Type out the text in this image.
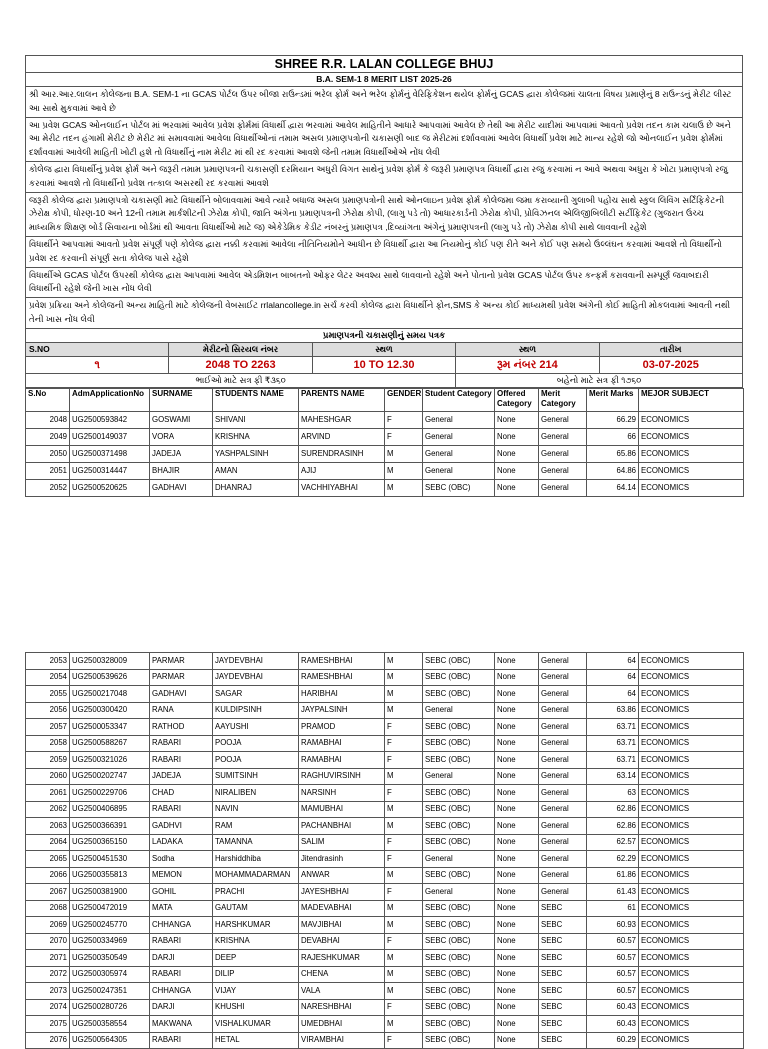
SHREE R.R. LALAN COLLEGE BHUJ				
B.A. SEM-1 8 MERIT LIST 2025-26				
શ્રી આર.આર.લાલન કોલેજના B.A. SEM-1 ના GCAS પોર્ટલ ઉપર બીજા રાઉન્ડમાં ભરેલ ફોર્મ અને ભરેલ ફોર્મનું વેરિફિકેશન થયેલ ફોર્મનું GCAS દ્વારા કોલેજમાં ચાલતા વિષય પ્રમાણેનું 8 રાઉન્ડનું મેરીટ લીસ્ટ આ સાથે મુકવામાં આવે છે				
આ પ્રવેશ GCAS ઓનલાઈન પોર્ટલ માં ભરવામાં આવેલ પ્રવેશ ફોર્મમાં વિધાર્થી દ્વારા ભરવામાં આવેલ માહિતીને આધારે આપવામાં આવેલ છે તેથી આ મેરીટ યાદીમાં આપવામાં આવતો પ્રવેશ તદન કામ ચલાઉ છે અને આ મેરીટ તદન હંગામી મેરીટ છે મેરીટ માં સમાવવામાં આવેલા વિધાર્થીઓનાં તમામ અસલ પ્રમાણપત્રોની ચકાસણી બાદ જ મેરીટમાં દર્શાવવામાં આવેલ વિધાર્થી પ્રવેશ માટે માન્ય રહેશે જો ઓનલાઈન પ્રવેશ ફોર્મમાં દર્શાવવામાં આવેલી માહિતી ખોટી હશે તો વિધાર્થીનું નામ મેરીટ માં થી રદ કરવામાં આવશે જેની તમામ વિધાર્થીઓએ નોંધ લેવી				
કોલેજ દ્વારા વિધાર્થીનું પ્રવેશ ફોર્મ અને જરૂરી તમામ પ્રમાણપત્રની ચકાસણી દરમિયાન અધુરી વિગત સાથેનું પ્રવેશ ફોર્મ કે જરૂરી પ્રમાણપત્ર વિધાર્થી દ્વારા રજુ કરવામાં ન આવે અથવા અધુરા કે ખોટા પ્રમાણપત્રો રજુ કરવામાં આવશે તો વિધાર્થીનો પ્રવેશ તત્કાલ અસરથી રદ કરવામાં આવશે				
જરૂરી કોલેજ દ્વારા પ્રમાણપત્રો ચકાસણી માટે વિધાર્થીને બોલાવવામાં આવે ત્યારે બધાજ અસલ પ્રમાણપત્રોની સાથે ઓનલાઇન પ્રવેશ ફોર્મ કોલેજમા જમા કરાવ્યાની ગુલાબી પહોંચ સાથે સ્કુલ લિવિંગ સર્ટિફિકેટની ઝેરોક્ષ કોપી, ધોરણ-10 અને 12ની તમામ માર્કશીટની ઝેરોક્ષ કોપી, જાતિ અંગેના પ્રમાણપત્રની ઝેરોક્ષ કોપી, (લાગુ પડે તો) આધારકાર્ડની ઝેરોક્ષ કોપી, પ્રોવિઝનલ એલિજીબિલીટી સર્ટીફિકેટ (ગુજરાત ઉચ્ચ માધ્યમિક શિક્ષણ બોર્ડ સિવાયના બોર્ડમાં થી આવતા વિધાર્થીઓ માટે જ) એકેડેમિક કેડીટ નંબરનું પ્રમાણપત્ર ,દિવ્યાંગતા અંગેનું પ્રમાણપત્રની (લાગુ પડે તો) ઝેરોક્ષ કોપી સાથે લાવવાની રહેશે				
વિધાર્થીને આપવામાં આવતો પ્રવેશ સંપૂર્ણ પણે કોલેજ દ્વારા નક્કી કરવામાં આવેલા નીતિનિયમોને આધીન છે વિધાર્થી દ્વારા આ નિયમોનું કોઈ પણ રીતે અને કોઈ પણ સમયે ઉલ્લંઘન કરવામાં આવશે તો વિધાર્થીનો પ્રવેશ રદ કરવાની સંપૂર્ણ સતા કોલેજ પાસે રહેશે				
વિધાર્થીએ GCAS પોર્ટલ ઉપરથી કોલેજ દ્વારા આપવામાં આવેલ એડમિશન બાબતનો ઓફર લેટર અવશ્ય સાથે લાવવાનો રહેશે અને પોતાનો પ્રવેશ GCAS પોર્ટલ ઉપર કન્ફર્મ કરાવવાની સમ્પૂર્ણ જવાબદારી વિધાર્થીની રહેશે જેની ખાસ નોંધ લેવી				
પ્રવેશ પ્રક્રિયા અને કોલેજની અન્ય માહિતી માટે કોલેજની વેબસાઈટ rrlalancollege.in સર્ચ કરવી કોલેજ દ્વારા વિધાર્થીને ફોન,SMS કે અન્ય કોઈ માધ્યમથી પ્રવેશ અંગેની કોઈ માહિતી મોકલવામાં આવતી નથી તેની ખાસ નોંધ લેવી				
પ્રમાણપત્રની ચકાસણીનું સમય પત્રક				
S.NO	મેરીટનો સિરયલ નંબર	સ્થળ	સ્થળ	તારીખ
૧	2048 TO 2263	10 TO 12.30	રૂમ નંબર 214	03-07-2025
ભાઈઓ માટે સત્ર ફી ₹૩૬૦			બહેનો માટે સત્ર ફી ૧૭૬૦	
S.No	AdmApplicationNo	SURNAME	STUDENTS NAME	PARENTS NAME	GENDER	Student Category	Offered Category	Merit Category	Merit Marks	MEJOR SUBJECT
2048	UG2500593842	GOSWAMI	SHIVANI	MAHESHGAR	F	General	None	General	66.29	ECONOMICS
2049	UG2500149037	VORA	KRISHNA	ARVIND	F	General	None	General	66	ECONOMICS
2050	UG2500371498	JADEJA	YASHPALSINH	SURENDRASINH	M	General	None	General	65.86	ECONOMICS
2051	UG2500314447	BHAJIR	AMAN	AJIJ	M	General	None	General	64.86	ECONOMICS
2052	UG2500520625	GADHAVI	DHANRAJ	VACHHIYABHAI	M	SEBC (OBC)	None	General	64.14	ECONOMICS
2053	UG2500328009	PARMAR	JAYDEVBHAI	RAMESHBHAI	M	SEBC (OBC)	None	General	64	ECONOMICS
2054	UG2500539626	PARMAR	JAYDEVBHAI	RAMESHBHAI	M	SEBC (OBC)	None	General	64	ECONOMICS
2055	UG2500217048	GADHAVI	SAGAR	HARIBHAI	M	SEBC (OBC)	None	General	64	ECONOMICS
2056	UG2500300420	RANA	KULDIPSINH	JAYPALSINH	M	General	None	General	63.86	ECONOMICS
2057	UG2500053347	RATHOD	AAYUSHI	PRAMOD	F	SEBC (OBC)	None	General	63.71	ECONOMICS
2058	UG2500588267	RABARI	POOJA	RAMABHAI	F	SEBC (OBC)	None	General	63.71	ECONOMICS
2059	UG2500321026	RABARI	POOJA	RAMABHAI	F	SEBC (OBC)	None	General	63.71	ECONOMICS
2060	UG2500202747	JADEJA	SUMITSINH	RAGHUVIRSINH	M	General	None	General	63.14	ECONOMICS
2061	UG2500229706	CHAD	NIRALIBEN	NARSINH	F	SEBC (OBC)	None	General	63	ECONOMICS
2062	UG2500406895	RABARI	NAVIN	MAMUBHAI	M	SEBC (OBC)	None	General	62.86	ECONOMICS
2063	UG2500366391	GADHVI	RAM	PACHANBHAI	M	SEBC (OBC)	None	General	62.86	ECONOMICS
2064	UG2500365150	LADAKA	TAMANNA	SALIM	F	SEBC (OBC)	None	General	62.57	ECONOMICS
2065	UG2500451530	Sodha	Harshiddhiba	Jitendrasinh	F	General	None	General	62.29	ECONOMICS
2066	UG2500355813	MEMON	MOHAMMADARMAN	ANWAR	M	SEBC (OBC)	None	General	61.86	ECONOMICS
2067	UG2500381900	GOHIL	PRACHI	JAYESHBHAI	F	General	None	General	61.43	ECONOMICS
2068	UG2500472019	MATA	GAUTAM	MADEVABHAI	M	SEBC (OBC)	None	SEBC	61	ECONOMICS
2069	UG2500245770	CHHANGA	HARSHKUMAR	MAVJIBHAI	M	SEBC (OBC)	None	SEBC	60.93	ECONOMICS
2070	UG2500334969	RABARI	KRISHNA	DEVABHAI	F	SEBC (OBC)	None	SEBC	60.57	ECONOMICS
2071	UG2500350549	DARJI	DEEP	RAJESHKUMAR	M	SEBC (OBC)	None	SEBC	60.57	ECONOMICS
2072	UG2500305974	RABARI	DILIP	CHENA	M	SEBC (OBC)	None	SEBC	60.57	ECONOMICS
2073	UG2500247351	CHHANGA	VIJAY	VALA	M	SEBC (OBC)	None	SEBC	60.57	ECONOMICS
2074	UG2500280726	DARJI	KHUSHI	NARESHBHAI	F	SEBC (OBC)	None	SEBC	60.43	ECONOMICS
2075	UG2500358554	MAKWANA	VISHALKUMAR	UMEDBHAI	M	SEBC (OBC)	None	SEBC	60.43	ECONOMICS
2076	UG2500564305	RABARI	HETAL	VIRAMBHAI	F	SEBC (OBC)	None	SEBC	60.29	ECONOMICS
